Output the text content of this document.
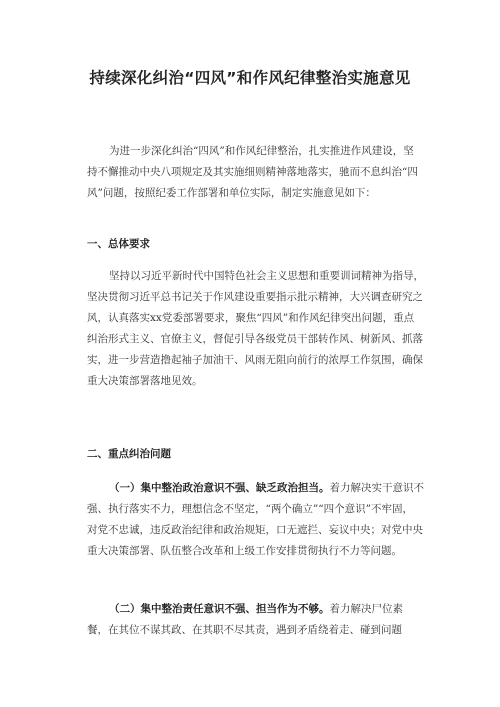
持续深化纠治“四风”和作风纪律整治实施意见
为进一步深化纠治“四风”和作风纪律整治，扎实推进作风建设，坚
持不懈推动中央八项规定及其实施细则精神落地落实，驰而不息纠治“四
风”问题，按照纪委工作部署和单位实际，制定实施意见如下：
一、总体要求
坚持以习近平新时代中国特色社会主义思想和重要训词精神为指导，
坚决贯彻习近平总书记关于作风建设重要指示批示精神，大兴调查研究之
风，认真落实xx党委部署要求，聚焦“四风”和作风纪律突出问题，重点
纠治形式主义、官僚主义，督促引导各级党员干部转作风、树新风、抓落
实，进一步营造撸起袖子加油干、风雨无阻向前行的浓厚工作氛围，确保
重大决策部署落地见效。
二、重点纠治问题
（一）集中整治政治意识不强、缺乏政治担当。着力解决实干意识不
强、执行落实不力，理想信念不坚定，“两个确立”“四个意识”不牢固，
对党不忠诚，违反政治纪律和政治规矩，口无遮拦、妄议中央；对党中央
重大决策部署、队伍整合改革和上级工作安排贯彻执行不力等问题。
（二）集中整治责任意识不强、担当作为不够。着力解决尸位素
餐，在其位不谋其政、在其职不尽其责，遇到矛盾绕着走、碰到问题
